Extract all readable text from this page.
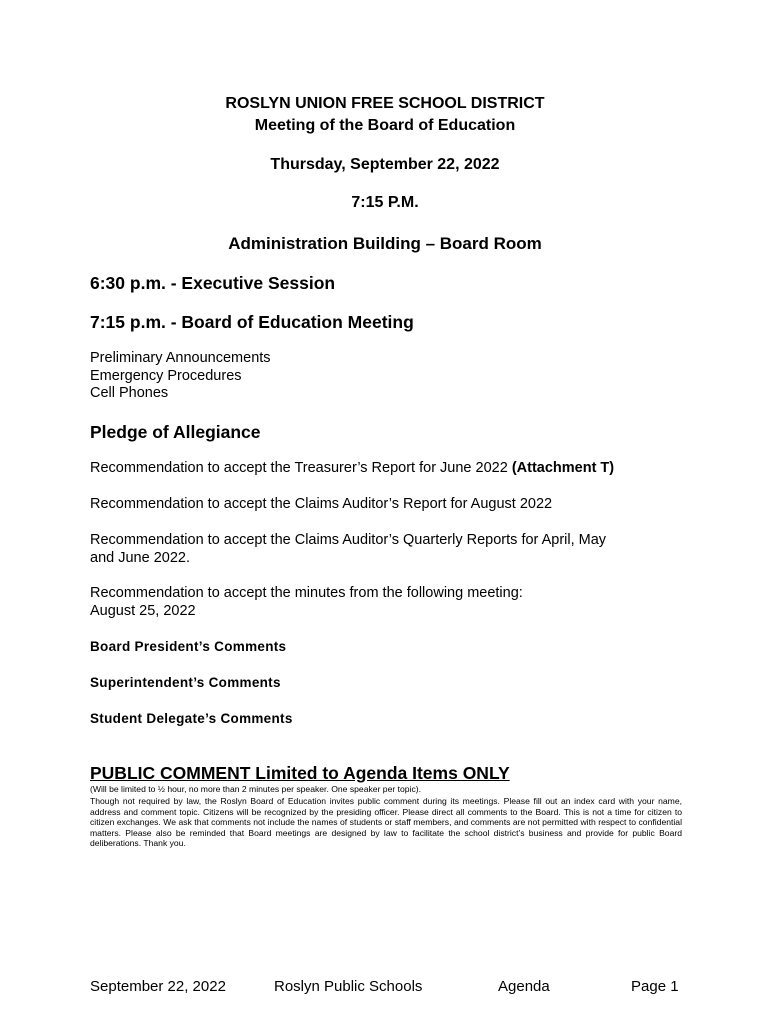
ROSLYN UNION FREE SCHOOL DISTRICT
Meeting of the Board of Education
Thursday, September 22, 2022
7:15 P.M.
Administration Building – Board Room
6:30 p.m. - Executive Session
7:15 p.m. - Board of Education Meeting
Preliminary Announcements
Emergency Procedures
Cell Phones
Pledge of Allegiance
Recommendation to accept the Treasurer’s Report for June 2022 (Attachment T)
Recommendation to accept the Claims Auditor’s Report for August 2022
Recommendation to accept the Claims Auditor’s Quarterly Reports for April, May
and June 2022.
Recommendation to accept the minutes from the following meeting:
August 25, 2022
Board President’s Comments
Superintendent’s Comments
Student Delegate’s Comments
PUBLIC COMMENT Limited to Agenda Items ONLY
(Will be limited to ½ hour, no more than 2 minutes per speaker. One speaker per topic).
Though not required by law, the Roslyn Board of Education invites public comment during its meetings. Please fill out an index card with your name, address and comment topic. Citizens will be recognized by the presiding officer. Please direct all comments to the Board. This is not a time for citizen to citizen exchanges. We ask that comments not include the names of students or staff members, and comments are not permitted with respect to confidential matters. Please also be reminded that Board meetings are designed by law to facilitate the school district’s business and provide for public Board deliberations. Thank you.
September 22, 2022	Roslyn Public Schools	Agenda	Page 1
